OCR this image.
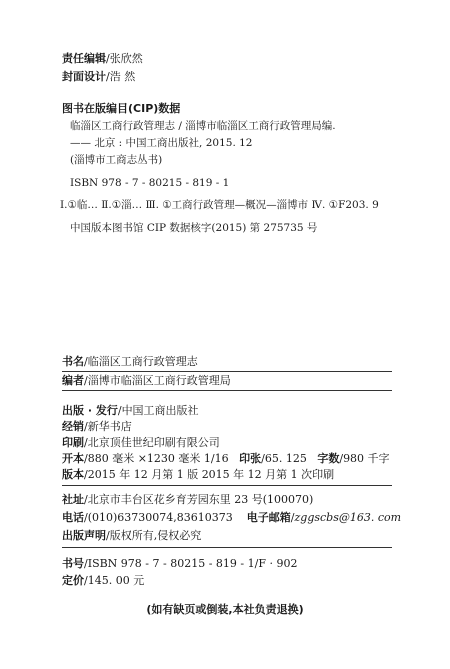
责任编辑/张欣然
封面设计/浩 然
图书在版编目(CIP)数据
临淄区工商行政管理志 / 淄博市临淄区工商行政管理局编.
—— 北京 : 中国工商出版社, 2015. 12
(淄博市工商志丛书)
ISBN 978 - 7 - 80215 - 819 - 1
Ⅰ.①临… Ⅱ.①淄… Ⅲ. ①工商行政管理—概况—淄博市 Ⅳ. ①F203. 9
中国版本图书馆 CIP 数据核字(2015) 第 275735 号
书名/临淄区工商行政管理志
编者/淄博市临淄区工商行政管理局
出版 · 发行/中国工商出版社
经销/新华书店
印刷/北京顶佳世纪印刷有限公司
开本/880 毫米 ×1230 毫米 1/16 印张/65. 125 字数/980 千字
版本/2015 年 12 月第 1 版 2015 年 12 月第 1 次印刷
社址/北京市丰台区花乡育芳园东里 23 号(100070)
电话/(010)63730074,83610373 电子邮箱/zggscbs@163. com
出版声明/版权所有,侵权必究
书号/ISBN 978 - 7 - 80215 - 819 - 1/F · 902
定价/145. 00 元
(如有缺页或倒装,本社负责退换)
